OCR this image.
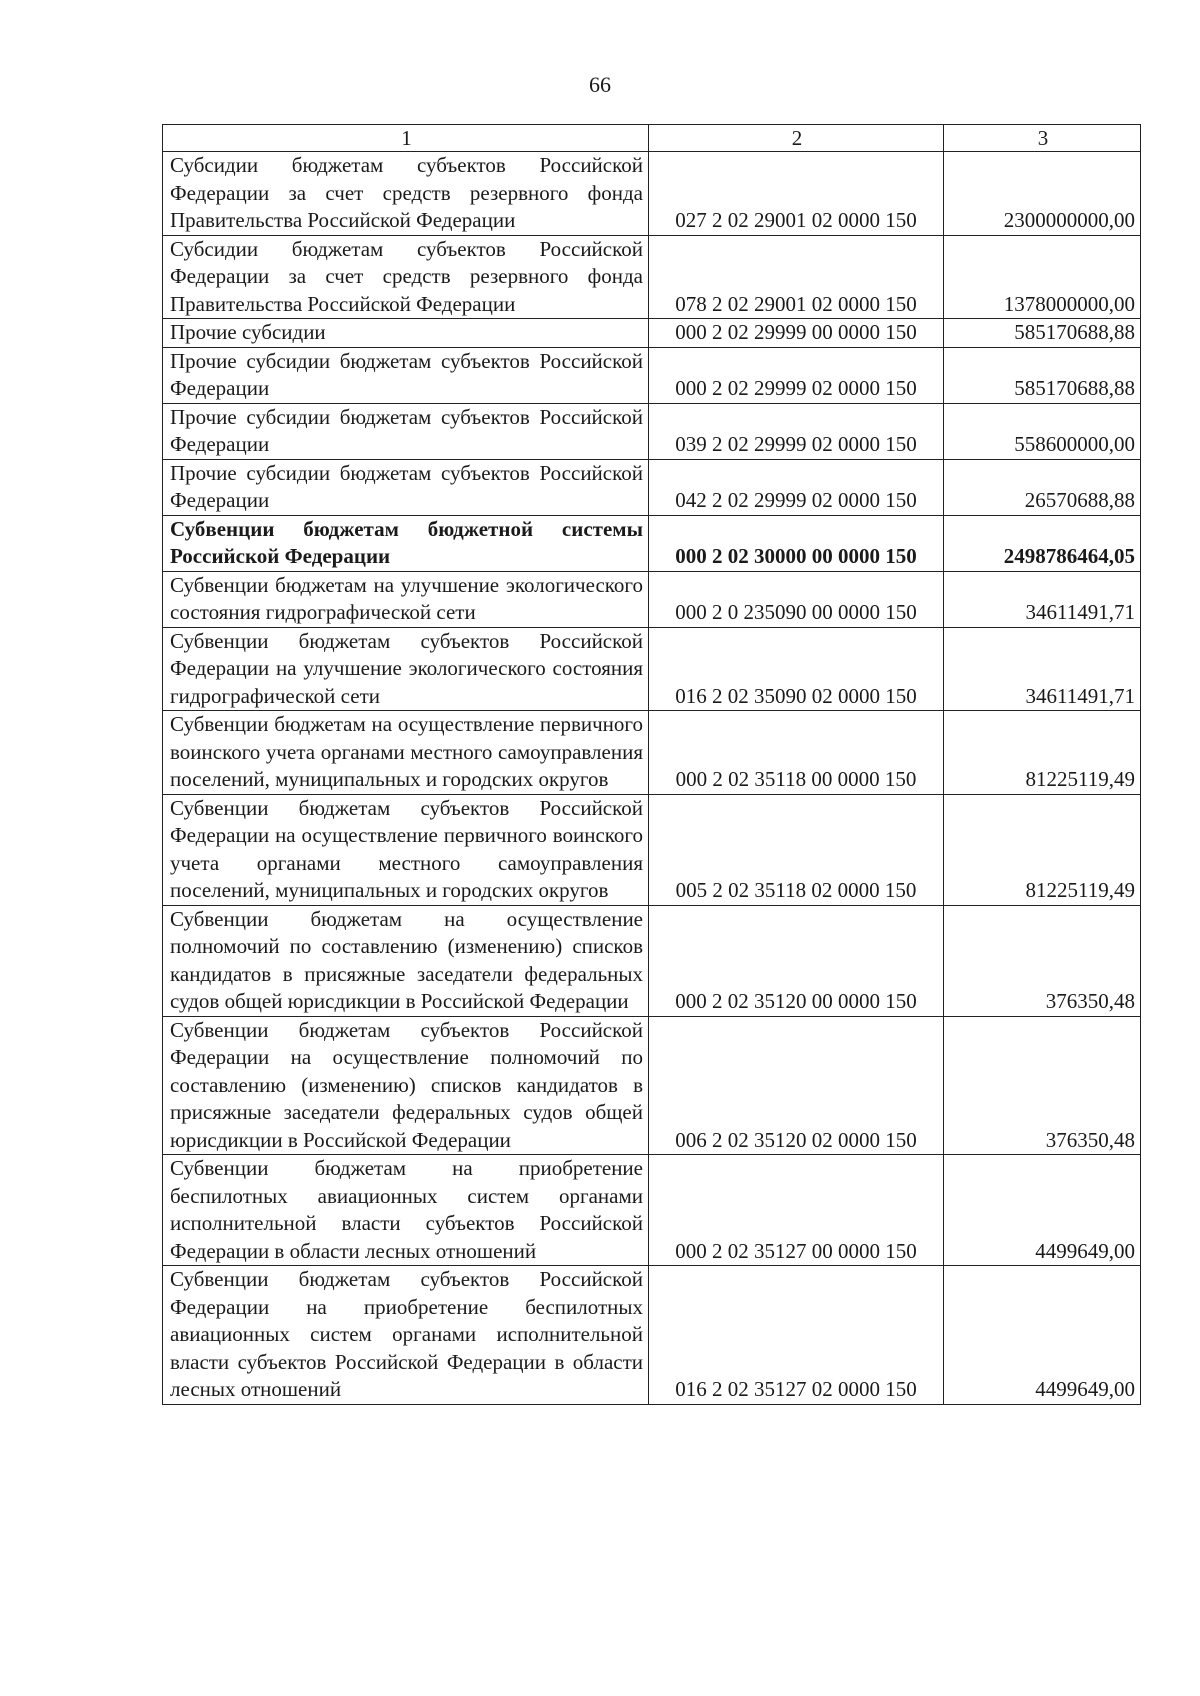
66
1	2	3
Субсидии бюджетам субъектов Российской Федерации за счет средств резервного фонда Правительства Российской Федерации	027 2 02 29001 02 0000 150	2300000000,00
Субсидии бюджетам субъектов Российской Федерации за счет средств резервного фонда Правительства Российской Федерации	078 2 02 29001 02 0000 150	1378000000,00
Прочие субсидии	000 2 02 29999 00 0000 150	585170688,88
Прочие субсидии бюджетам субъектов Российской Федерации	000 2 02 29999 02 0000 150	585170688,88
Прочие субсидии бюджетам субъектов Российской Федерации	039 2 02 29999 02 0000 150	558600000,00
Прочие субсидии бюджетам субъектов Российской Федерации	042 2 02 29999 02 0000 150	26570688,88
Субвенции бюджетам бюджетной системы Российской Федерации	000 2 02 30000 00 0000 150	2498786464,05
Субвенции бюджетам на улучшение экологического состояния гидрографической сети	000 2 0 235090 00 0000 150	34611491,71
Субвенции бюджетам субъектов Российской Федерации на улучшение экологического состояния гидрографической сети	016 2 02 35090 02 0000 150	34611491,71
Субвенции бюджетам на осуществление первичного воинского учета органами местного самоуправления поселений, муниципальных и городских округов	000 2 02 35118 00 0000 150	81225119,49
Субвенции бюджетам субъектов Российской Федерации на осуществление первичного воинского учета органами местного самоуправления поселений, муниципальных и городских округов	005 2 02 35118 02 0000 150	81225119,49
Субвенции бюджетам на осуществление полномочий по составлению (изменению) списков кандидатов в присяжные заседатели федеральных судов общей юрисдикции в Российской Федерации	000 2 02 35120 00 0000 150	376350,48
Субвенции бюджетам субъектов Российской Федерации на осуществление полномочий по составлению (изменению) списков кандидатов в присяжные заседатели федеральных судов общей юрисдикции в Российской Федерации	006 2 02 35120 02 0000 150	376350,48
Субвенции бюджетам на приобретение беспилотных авиационных систем органами исполнительной власти субъектов Российской Федерации в области лесных отношений	000 2 02 35127 00 0000 150	4499649,00
Субвенции бюджетам субъектов Российской Федерации на приобретение беспилотных авиационных систем органами исполнительной власти субъектов Российской Федерации в области лесных отношений	016 2 02 35127 02 0000 150	4499649,00
